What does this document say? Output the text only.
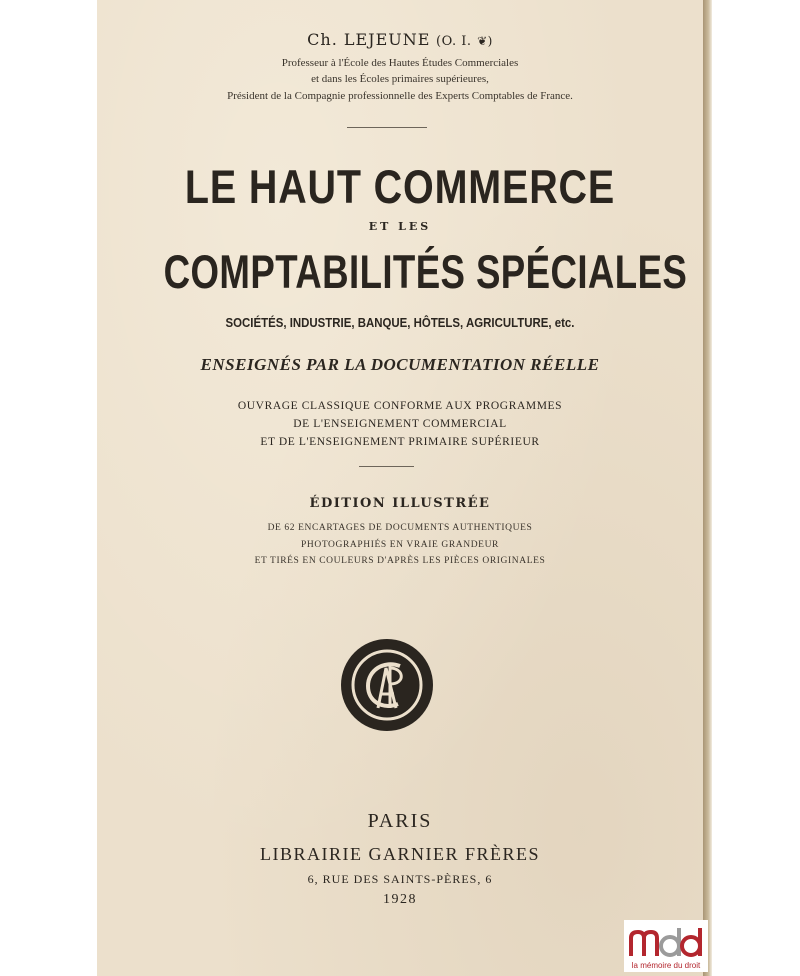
Ch. LEJEUNE (O. I. ❦)
Professeur à l'École des Hautes Études Commerciales
et dans les Écoles primaires supérieures,
Président de la Compagnie professionnelle des Experts Comptables de France.
LE HAUT COMMERCE
ET LES
COMPTABILITÉS SPÉCIALES
SOCIÉTÉS, INDUSTRIE, BANQUE, HÔTELS, AGRICULTURE, etc.
ENSEIGNÉS PAR LA DOCUMENTATION RÉELLE
OUVRAGE CLASSIQUE CONFORME AUX PROGRAMMES
DE L'ENSEIGNEMENT COMMERCIAL
ET DE L'ENSEIGNEMENT PRIMAIRE SUPÉRIEUR
ÉDITION ILLUSTRÉE
DE 62 ENCARTAGES DE DOCUMENTS AUTHENTIQUES
PHOTOGRAPHIÉS EN VRAIE GRANDEUR
ET TIRÉS EN COULEURS D'APRÈS LES PIÈCES ORIGINALES
PARIS
LIBRAIRIE GARNIER FRÈRES
6, RUE DES SAINTS-PÈRES, 6
1928
la mémoire du droit
